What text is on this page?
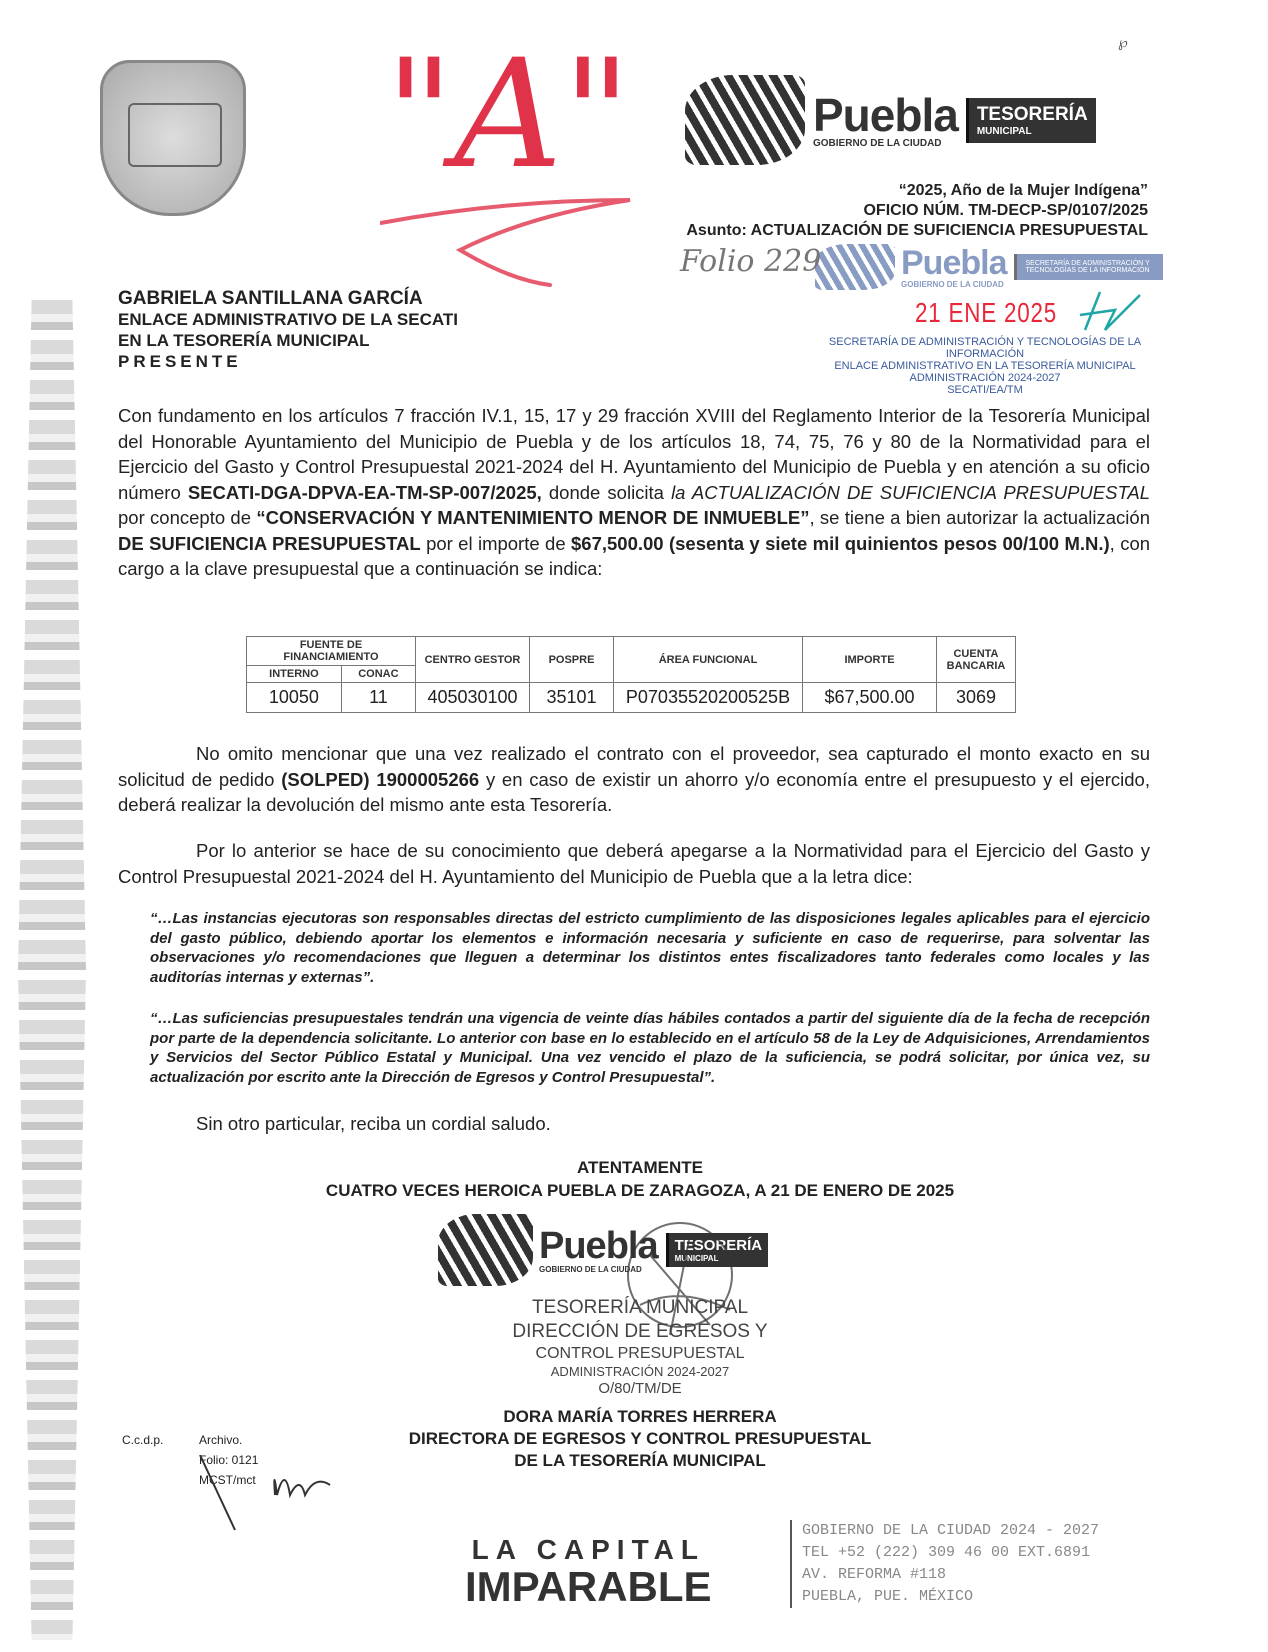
℘
"A"	Puebla
GOBIERNO DE LA CIUDAD
TESORERÍA
MUNICIPAL
“2025, Año de la Mujer Indígena”
OFICIO NÚM. TM-DECP-SP/0107/2025
Asunto: ACTUALIZACIÓN DE SUFICIENCIA PRESUPUESTAL
Puebla
GOBIERNO DE LA CIUDAD
SECRETARÍA DE ADMINISTRACIÓN Y TECNOLOGÍAS DE LA INFORMACIÓN
Folio 229
21 ENE 2025
SECRETARÍA DE ADMINISTRACIÓN Y TECNOLOGÍAS DE LA INFORMACIÓN
ENLACE ADMINISTRATIVO EN LA TESORERÍA MUNICIPAL
ADMINISTRACIÓN 2024-2027
SECATI/EA/TM
GABRIELA SANTILLANA GARCÍA
ENLACE ADMINISTRATIVO DE LA SECATI
EN LA TESORERÍA MUNICIPAL
PRESENTE
Con fundamento en los artículos 7 fracción IV.1, 15, 17 y 29 fracción XVIII del Reglamento Interior de la Tesorería Municipal del Honorable Ayuntamiento del Municipio de Puebla y de los artículos 18, 74, 75, 76 y 80 de la Normatividad para el Ejercicio del Gasto y Control Presupuestal 2021-2024 del H. Ayuntamiento del Municipio de Puebla y en atención a su oficio número SECATI-DGA-DPVA-EA-TM-SP-007/2025, donde solicita la ACTUALIZACIÓN DE SUFICIENCIA PRESUPUESTAL por concepto de “CONSERVACIÓN Y MANTENIMIENTO MENOR DE INMUEBLE”, se tiene a bien autorizar la actualización DE SUFICIENCIA PRESUPUESTAL por el importe de $67,500.00 (sesenta y siete mil quinientos pesos 00/100 M.N.), con cargo a la clave presupuestal que a continuación se indica:
FUENTE DE FINANCIAMIENTO		CENTRO GESTOR	POSPRE	ÁREA FUNCIONAL	IMPORTE	CUENTA BANCARIA
INTERNO	CONAC					
10050	11	405030100	35101	P07035520200525B	$67,500.00	3069
No omito mencionar que una vez realizado el contrato con el proveedor, sea capturado el monto exacto en su solicitud de pedido (SOLPED) 1900005266 y en caso de existir un ahorro y/o economía entre el presupuesto y el ejercido, deberá realizar la devolución del mismo ante esta Tesorería.
Por lo anterior se hace de su conocimiento que deberá apegarse a la Normatividad para el Ejercicio del Gasto y Control Presupuestal 2021-2024 del H. Ayuntamiento del Municipio de Puebla que a la letra dice:
“…Las instancias ejecutoras son responsables directas del estricto cumplimiento de las disposiciones legales aplicables para el ejercicio del gasto público, debiendo aportar los elementos e información necesaria y suficiente en caso de requerirse, para solventar las observaciones y/o recomendaciones que lleguen a determinar los distintos entes fiscalizadores tanto federales como locales y las auditorías internas y externas”.
“…Las suficiencias presupuestales tendrán una vigencia de veinte días hábiles contados a partir del siguiente día de la fecha de recepción por parte de la dependencia solicitante. Lo anterior con base en lo establecido en el artículo 58 de la Ley de Adquisiciones, Arrendamientos y Servicios del Sector Público Estatal y Municipal. Una vez vencido el plazo de la suficiencia, se podrá solicitar, por única vez, su actualización por escrito ante la Dirección de Egresos y Control Presupuestal”.
Sin otro particular, reciba un cordial saludo.
ATENTAMENTE
CUATRO VECES HEROICA PUEBLA DE ZARAGOZA, A 21 DE ENERO DE 2025
Puebla
GOBIERNO DE LA CIUDAD
TESORERÍA
MUNICIPAL
TESORERÍA MUNICIPAL
DIRECCIÓN DE EGRESOS Y
CONTROL PRESUPUESTAL
ADMINISTRACIÓN 2024-2027
O/80/TM/DE
DORA MARÍA TORRES HERRERA
DIRECTORA DE EGRESOS Y CONTROL PRESUPUESTAL
DE LA TESORERÍA MUNICIPAL
C.c.d.p.	Archivo.
Folio: 0121
MCST/mct
LA CAPITAL
IMPARABLE
GOBIERNO DE LA CIUDAD 2024 - 2027
TEL +52 (222) 309 46 00 EXT.6891
AV. REFORMA #118
PUEBLA, PUE. MÉXICO
